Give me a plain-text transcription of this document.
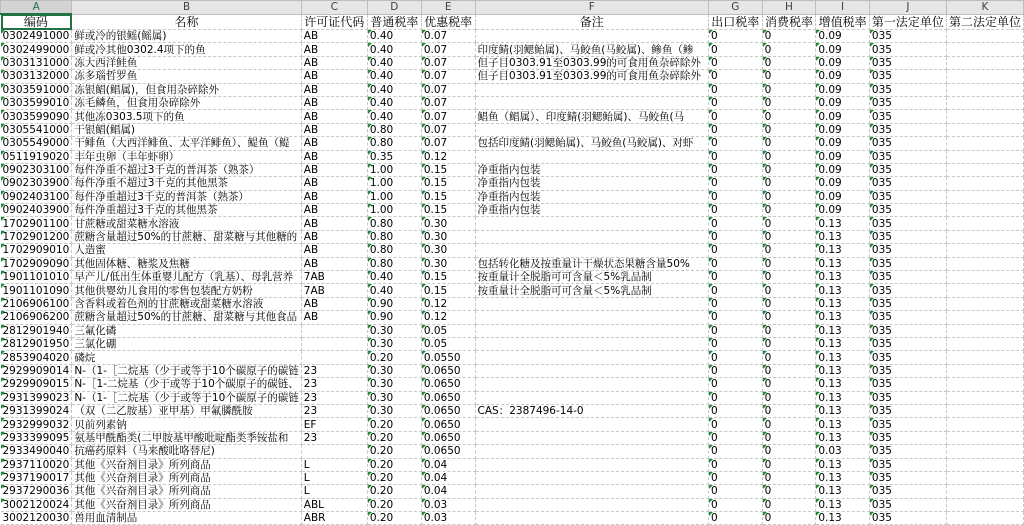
A	B	C	D	E	F	G	H	I	J	K
编码	名称	许可证代码	普通税率	优惠税率	备注	出口税率	消费税率	增值税率	第一法定单位	第二法定单位
0302491000	鲜或冷的银鳐(鳐属)	AB	0.40	0.07		0	0	0.09	035	
0302499000	鲜或冷其他0302.4项下的鱼	AB	0.40	0.07	印度鲭(羽鳃鲐属)、马鲛鱼(马鲛属)、鲹鱼（鲹	0	0	0.09	035	
0303131000	冻大西洋鲑鱼	AB	0.40	0.07	但子目0303.91至0303.99的可食用鱼杂碎除外	0	0	0.09	035	
0303132000	冻多瑙哲罗鱼	AB	0.40	0.07	但子目0303.91至0303.99的可食用鱼杂碎除外	0	0	0.09	035	
0303591000	冻银鲳(鲳属)，但食用杂碎除外	AB	0.40	0.07		0	0	0.09	035	
0303599010	冻毛鳞鱼，但食用杂碎除外	AB	0.40	0.07		0	0	0.09	035	
0303599090	其他冻0303.5项下的鱼	AB	0.40	0.07	鲳鱼（鲳属）、印度鲭(羽鳃鲐属)、马鲛鱼(马	0	0	0.09	035	
0305541000	干银鲳(鲳属)	AB	0.80	0.07		0	0	0.09	035	
0305549000	干鲱鱼（大西洋鲱鱼、太平洋鲱鱼）、鳀鱼（鳀	AB	0.80	0.07	包括印度鲭(羽鳃鲐属)、马鲛鱼(马鲛属)、对虾	0	0	0.09	035	
0511919020	丰年虫卵（丰年虾卵）	AB	0.35	0.12		0	0	0.09	035	
0902303100	每件净重不超过3千克的普洱茶（熟茶）	AB	1.00	0.15	净重指内包装	0	0	0.09	035	
0902303900	每件净重不超过3千克的其他黑茶	AB	1.00	0.15	净重指内包装	0	0	0.09	035	
0902403100	每件净重超过3千克的普洱茶（熟茶）	AB	1.00	0.15	净重指内包装	0	0	0.09	035	
0902403900	每件净重超过3千克的其他黑茶	AB	1.00	0.15	净重指内包装	0	0	0.09	035	
1702901100	甘蔗糖或甜菜糖水溶液	AB	0.80	0.30		0	0	0.13	035	
1702901200	蔗糖含量超过50%的甘蔗糖、甜菜糖与其他糖的	AB	0.80	0.30		0	0	0.13	035	
1702909010	人造蜜	AB	0.80	0.30		0	0	0.13	035	
1702909090	其他固体糖、糖浆及焦糖	AB	0.80	0.30	包括转化糖及按重量计干燥状态果糖含量50%	0	0	0.13	035	
1901101010	早产儿/低出生体重婴儿配方（乳基）、母乳营养	7AB	0.40	0.15	按重量计全脱脂可可含量＜5%乳品制	0	0	0.13	035	
1901101090	其他供婴幼儿食用的零售包装配方奶粉	7AB	0.40	0.15	按重量计全脱脂可可含量＜5%乳品制	0	0	0.13	035	
2106906100	含香料或着色剂的甘蔗糖或甜菜糖水溶液	AB	0.90	0.12		0	0	0.13	035	
2106906200	蔗糖含量超过50%的甘蔗糖、甜菜糖与其他食品	AB	0.90	0.12		0	0	0.13	035	
2812901940	三氟化磷		0.30	0.05		0	0	0.13	035	
2812901950	三氯化硼		0.30	0.05		0	0	0.13	035	
2853904020	磷烷		0.20	0.0550		0	0	0.13	035	
2929909014	N-（1-［二烷基（少于或等于10个碳原子的碳链	23	0.30	0.0650		0	0	0.13	035	
2929909015	N-［1-二烷基（少于或等于10个碳原子的碳链、	23	0.30	0.0650		0	0	0.13	035	
2931399023	N-（1-［二烷基（少于或等于10个碳原子的碳链	23	0.30	0.0650		0	0	0.13	035	
2931399024	（双（二乙胺基）亚甲基）甲氟膦酰胺	23	0.30	0.0650	CAS：2387496-14-0	0	0	0.13	035	
2932999032	贝前列素钠	EF	0.20	0.0650		0	0	0.13	035	
2933399095	氨基甲酰酯类(二甲胺基甲酸吡啶酯类季铵盐和	23	0.20	0.0650		0	0	0.13	035	
2933490040	抗癌药原料（马来酸吡咯替尼)		0.20	0.0650		0	0	0.03	035	
2937110020	其他《兴奋剂目录》所列商品	L	0.20	0.04		0	0	0.13	035	
2937190017	其他《兴奋剂目录》所列商品	L	0.20	0.04		0	0	0.13	035	
2937290036	其他《兴奋剂目录》所列商品	L	0.20	0.04		0	0	0.13	035	
3002120024	其他《兴奋剂目录》所列商品	ABL	0.20	0.03		0	0	0.13	035	
3002120030	兽用血清制品	ABR	0.20	0.03		0	0	0.13	035	
